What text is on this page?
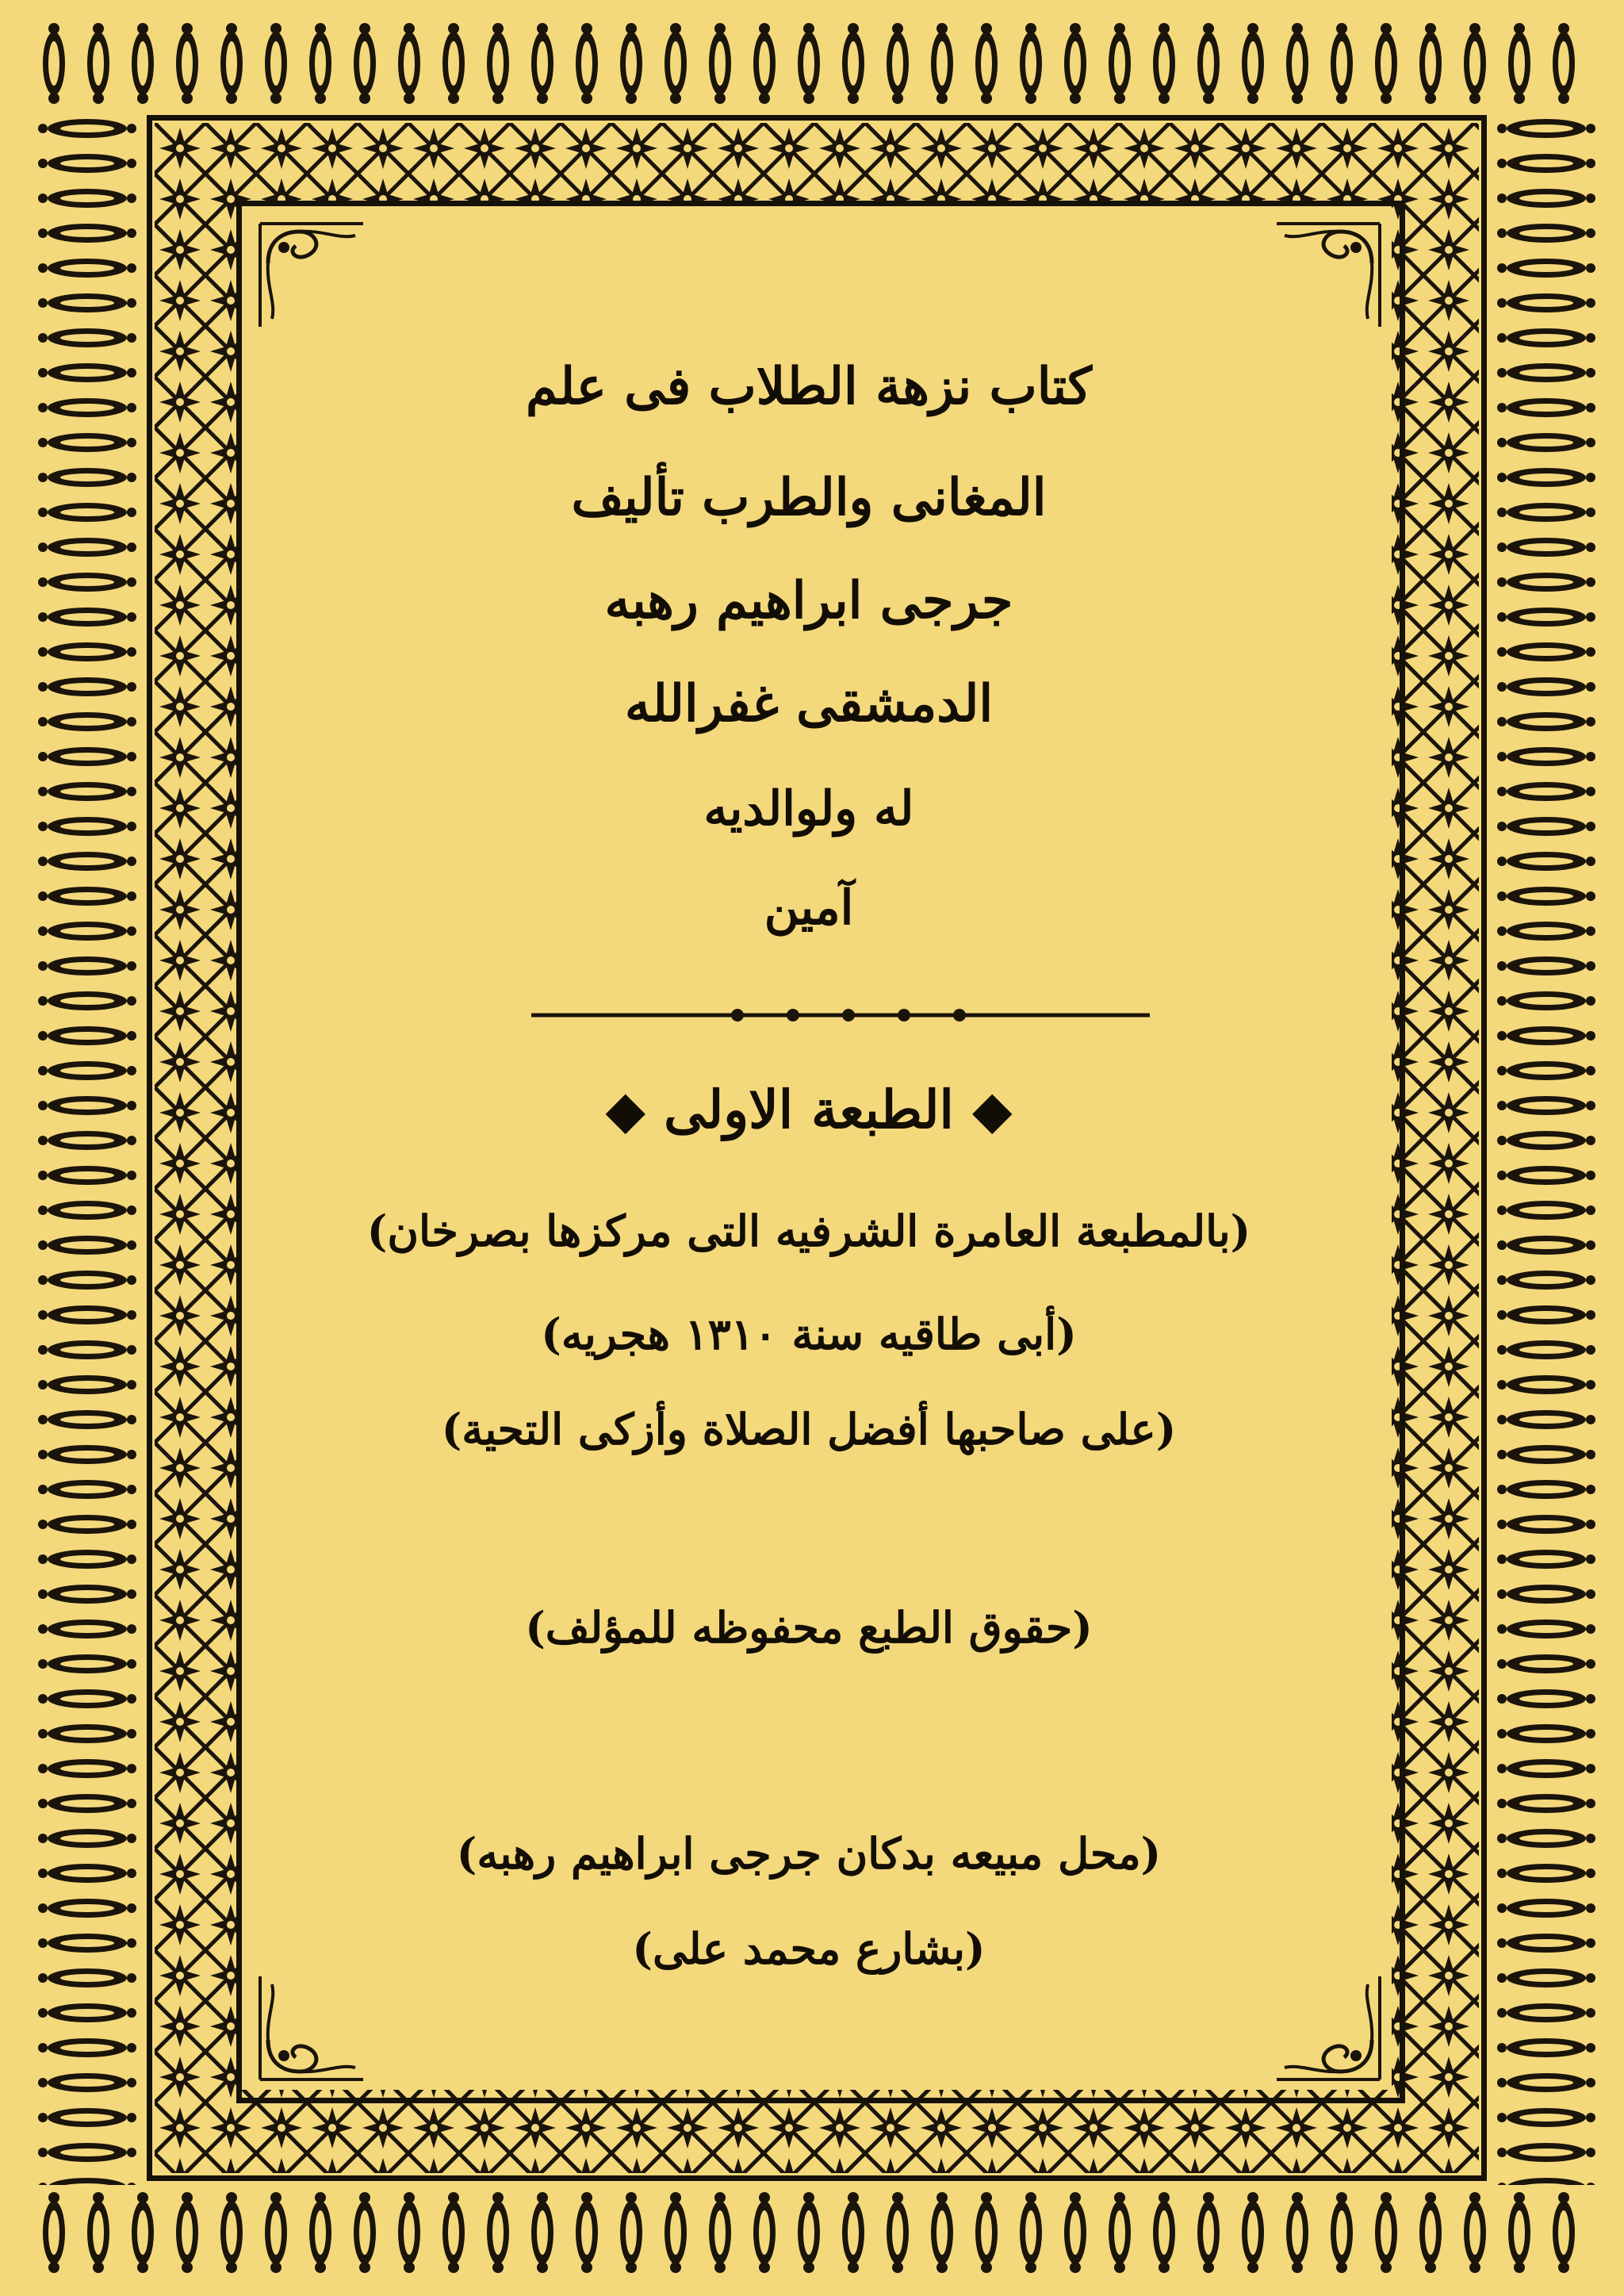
كتاب نزهة الطلاب فى علم
المغانى والطرب تأليف
جرجى ابراهيم رهبه
الدمشقى غفرالله
له ولوالديه
آمين
◆ الطبعة الاولى ◆
(بالمطبعة العامرة الشرفيه التى مركزها بصرخان)
(أبى طاقيه سنة ١٣١٠ هجريه)
(على صاحبها أفضل الصلاة وأزكى التحية)
(حقوق الطبع محفوظه للمؤلف)
(محل مبيعه بدكان جرجى ابراهيم رهبه)
(بشارع محمد على)
